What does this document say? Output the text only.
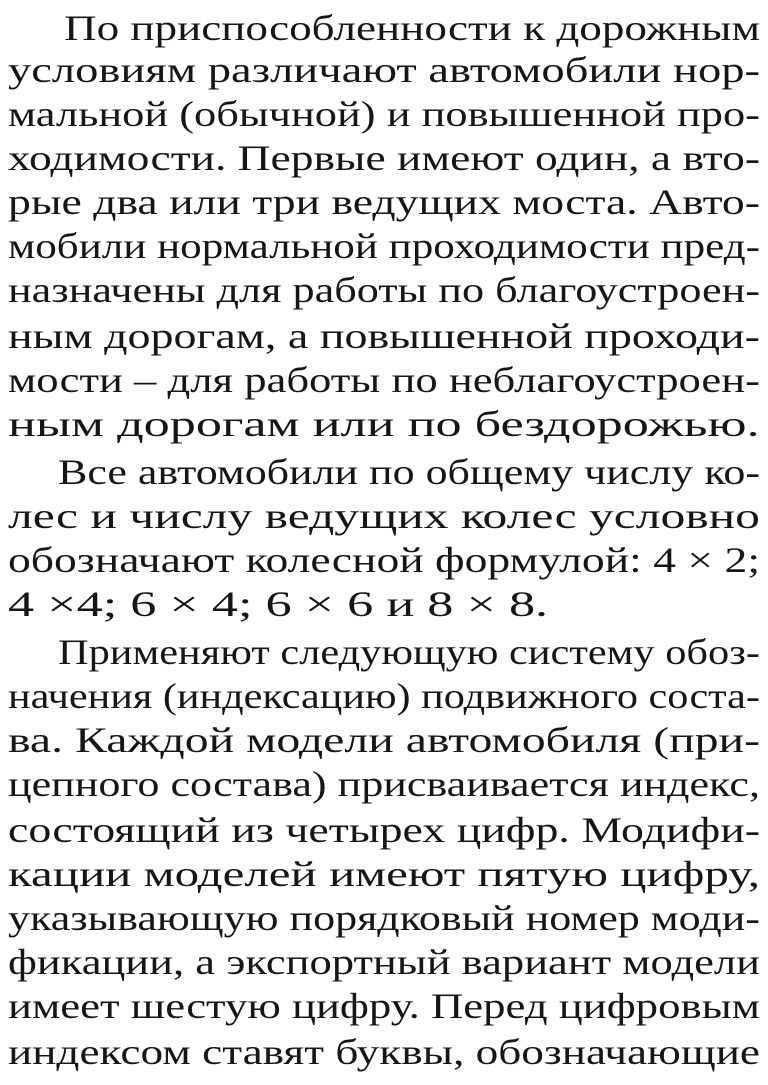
По приспособленности к дорожным
условиям различают автомобили нор-
мальной (обычной) и повышенной про-
ходимости. Первые имеют один, а вто-
рые два или три ведущих моста. Авто-
мобили нормальной проходимости пред-
назначены для работы по благоустроен-
ным дорогам, а повышенной проходи-
мости – для работы по неблагоустроен-
ным дорогам или по бездорожью.
Все автомобили по общему числу ко-
лес и числу ведущих колес условно
обозначают колесной формулой: 4 × 2;
4 ×4; 6 × 4; 6 × 6 и 8 × 8.
Применяют следующую систему обоз-
начения (индексацию) подвижного соста-
ва. Каждой модели автомобиля (при-
цепного состава) присваивается индекс,
состоящий из четырех цифр. Модифи-
кации моделей имеют пятую цифру,
указывающую порядковый номер моди-
фикации, а экспортный вариант модели
имеет шестую цифру. Перед цифровым
индексом ставят буквы, обозначающие
